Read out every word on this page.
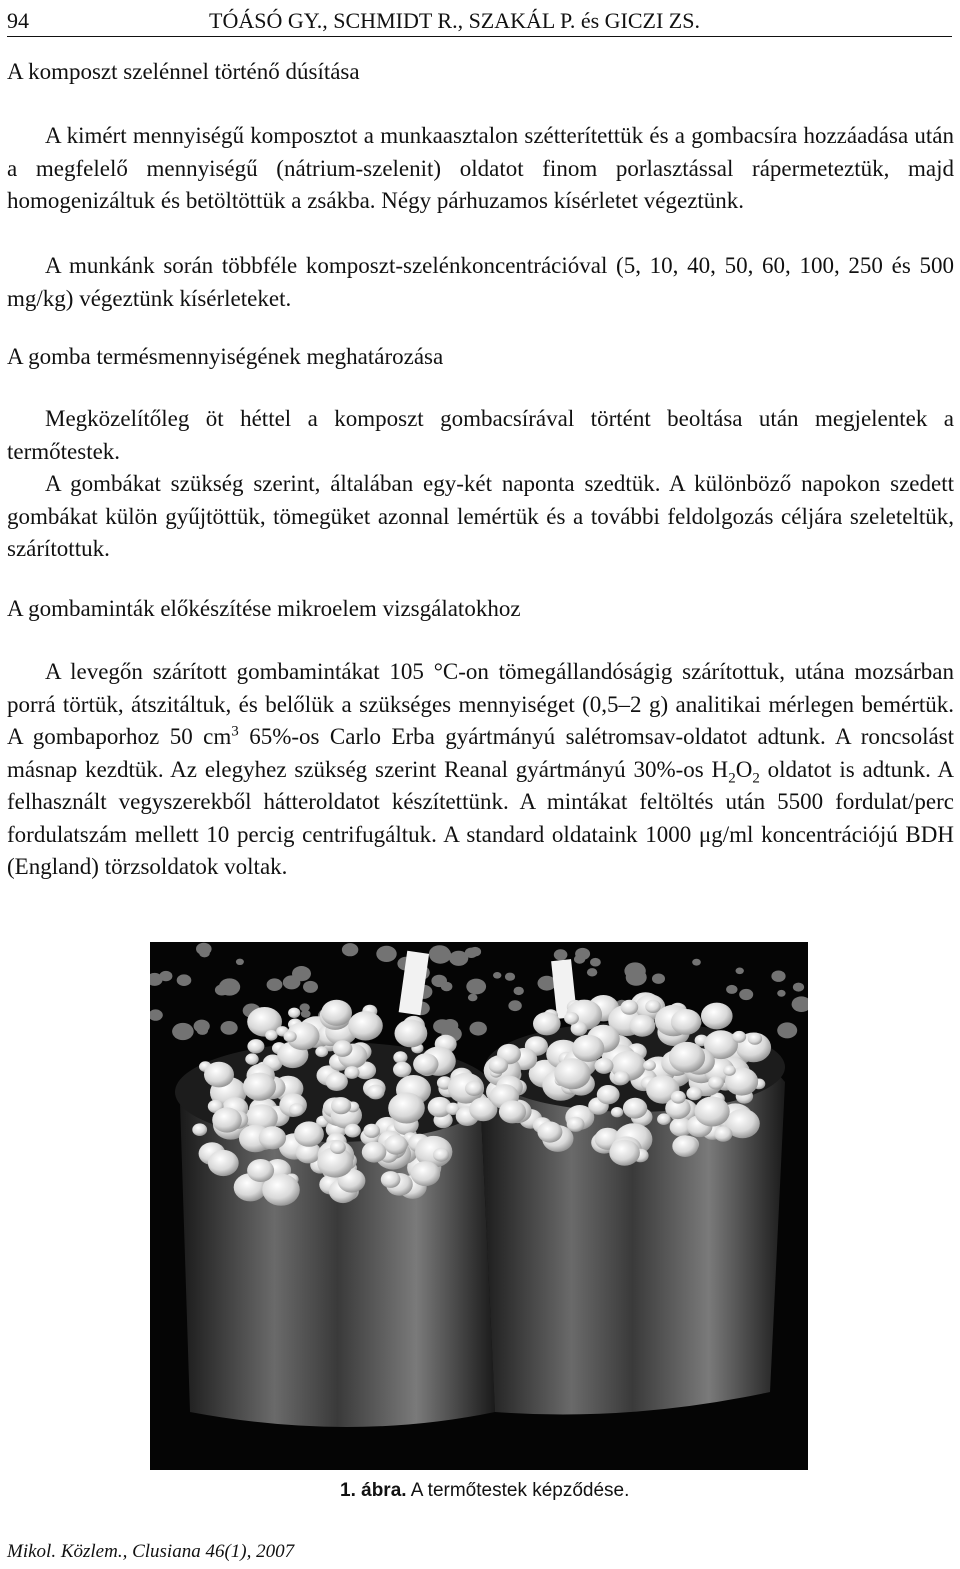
94	TÓÁSÓ GY., SCHMIDT R., SZAKÁL P. és GICZI ZS.
A komposzt szelénnel történő dúsítása

A kimért mennyiségű komposztot a munkaasztalon szétterítettük és a gombacsíra hozzáadása után a megfelelő mennyiségű (nátrium-szelenit) oldatot finom porlasztással rápermeteztük, majd homogenizáltuk és betöltöttük a zsákba. Négy párhuzamos kísérletet végeztünk.

A munkánk során többféle komposzt-szelénkoncentrációval (5, 10, 40, 50, 60, 100, 250 és 500 mg/kg) végeztünk kísérleteket.

A gomba termésmennyiségének meghatározása

Megközelítőleg öt héttel a komposzt gombacsírával történt beoltása után megjelentek a termőtestek.

A gombákat szükség szerint, általában egy-két naponta szedtük. A különböző napokon szedett gombákat külön gyűjtöttük, tömegüket azonnal lemértük és a további feldolgozás céljára szeleteltük, szárítottuk.

A gombaminták előkészítése mikroelem vizsgálatokhoz

A levegőn szárított gombamintákat 105 °C-on tömegállandóságig szárítottuk, utána mozsárban porrá törtük, átszitáltuk, és belőlük a szükséges mennyiséget (0,5–2 g) analitikai mérlegen bemértük. A gombaporhoz 50 $cm^3$ 65%-os Carlo Erba gyártmányú salétromsav-oldatot adtunk. A roncsolást másnap kezdtük. Az elegyhez szükség szerint Reanal gyártmányú 30%-os $H_2O_2$ oldatot is adtunk. A felhasznált vegyszerekből hátteroldatot készítettünk. A mintákat feltöltés után 5500 fordulat/perc fordulatszám mellett 10 percig centrifugáltuk. A standard oldataink 1000 μg/ml koncentrációjú BDH (England) törzsoldatok voltak.

1. ábra. A termőtestek képződése.
Mikol. Közlem., Clusiana 46(1), 2007
